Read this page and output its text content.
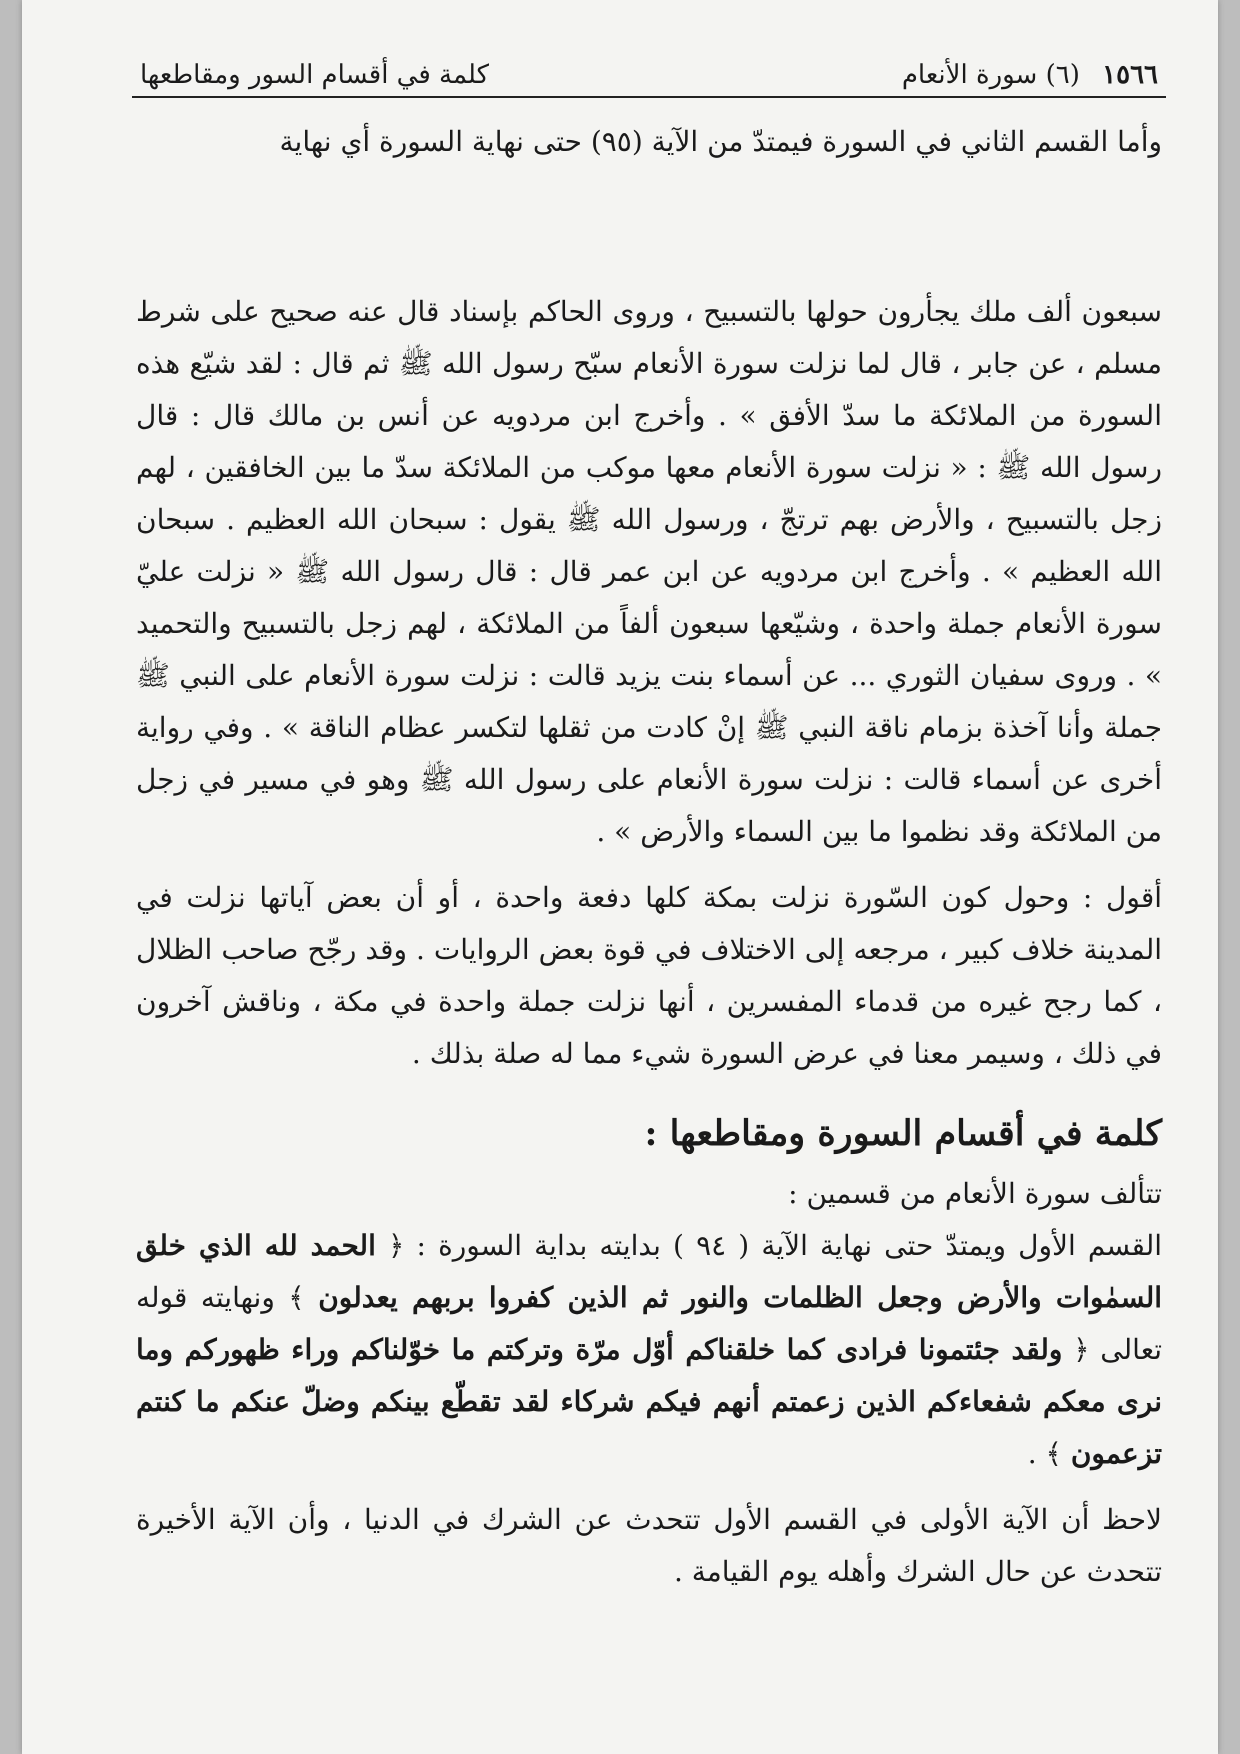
١٥٦٦ (٦) سورة الأنعام
كلمة في أقسام السور ومقاطعها

وأما القسم الثاني في السورة فيمتدّ من الآية (٩٥) حتى نهاية السورة أي نهاية

سبعون ألف ملك يجأرون حولها بالتسبيح ، وروى الحاكم بإسناد قال عنه صحيح على شرط مسلم ، عن جابر ، قال لما نزلت سورة الأنعام سبّح رسول الله ﷺ ثم قال : لقد شيّع هذه السورة من الملائكة ما سدّ الأفق » . وأخرج ابن مردويه عن أنس بن مالك قال : قال رسول الله ﷺ : « نزلت سورة الأنعام معها موكب من الملائكة سدّ ما بين الخافقين ، لهم زجل بالتسبيح ، والأرض بهم ترتجّ ، ورسول الله ﷺ يقول : سبحان الله العظيم . سبحان الله العظيم » . وأخرج ابن مردويه عن ابن عمر قال : قال رسول الله ﷺ « نزلت عليّ سورة الأنعام جملة واحدة ، وشيّعها سبعون ألفاً من الملائكة ، لهم زجل بالتسبيح والتحميد » . وروى سفيان الثوري ... عن أسماء بنت يزيد قالت : نزلت سورة الأنعام على النبي ﷺ جملة وأنا آخذة بزمام ناقة النبي ﷺ إنْ كادت من ثقلها لتكسر عظام الناقة » . وفي رواية أخرى عن أسماء قالت : نزلت سورة الأنعام على رسول الله ﷺ وهو في مسير في زجل من الملائكة وقد نظموا ما بين السماء والأرض » .

أقول : وحول كون السّورة نزلت بمكة كلها دفعة واحدة ، أو أن بعض آياتها نزلت في المدينة خلاف كبير ، مرجعه إلى الاختلاف في قوة بعض الروايات . وقد رجّح صاحب الظلال ، كما رجح غيره من قدماء المفسرين ، أنها نزلت جملة واحدة في مكة ، وناقش آخرون في ذلك ، وسيمر معنا في عرض السورة شيء مما له صلة بذلك .

كلمة في أقسام السورة ومقاطعها :

تتألف سورة الأنعام من قسمين :

القسم الأول ويمتدّ حتى نهاية الآية ( ٩٤ ) بدايته بداية السورة : ﴿ الحمد لله الذي خلق السمٰوات والأرض وجعل الظلمات والنور ثم الذين كفروا بربهم يعدلون ﴾ ونهايته قوله تعالى ﴿ ولقد جئتمونا فرادى كما خلقناكم أوّل مرّة وتركتم ما خوّلناكم وراء ظهوركم وما نرى معكم شفعاءكم الذين زعمتم أنهم فيكم شركاء لقد تقطّع بينكم وضلّ عنكم ما كنتم تزعمون ﴾ .

لاحظ أن الآية الأولى في القسم الأول تتحدث عن الشرك في الدنيا ، وأن الآية الأخيرة تتحدث عن حال الشرك وأهله يوم القيامة .
